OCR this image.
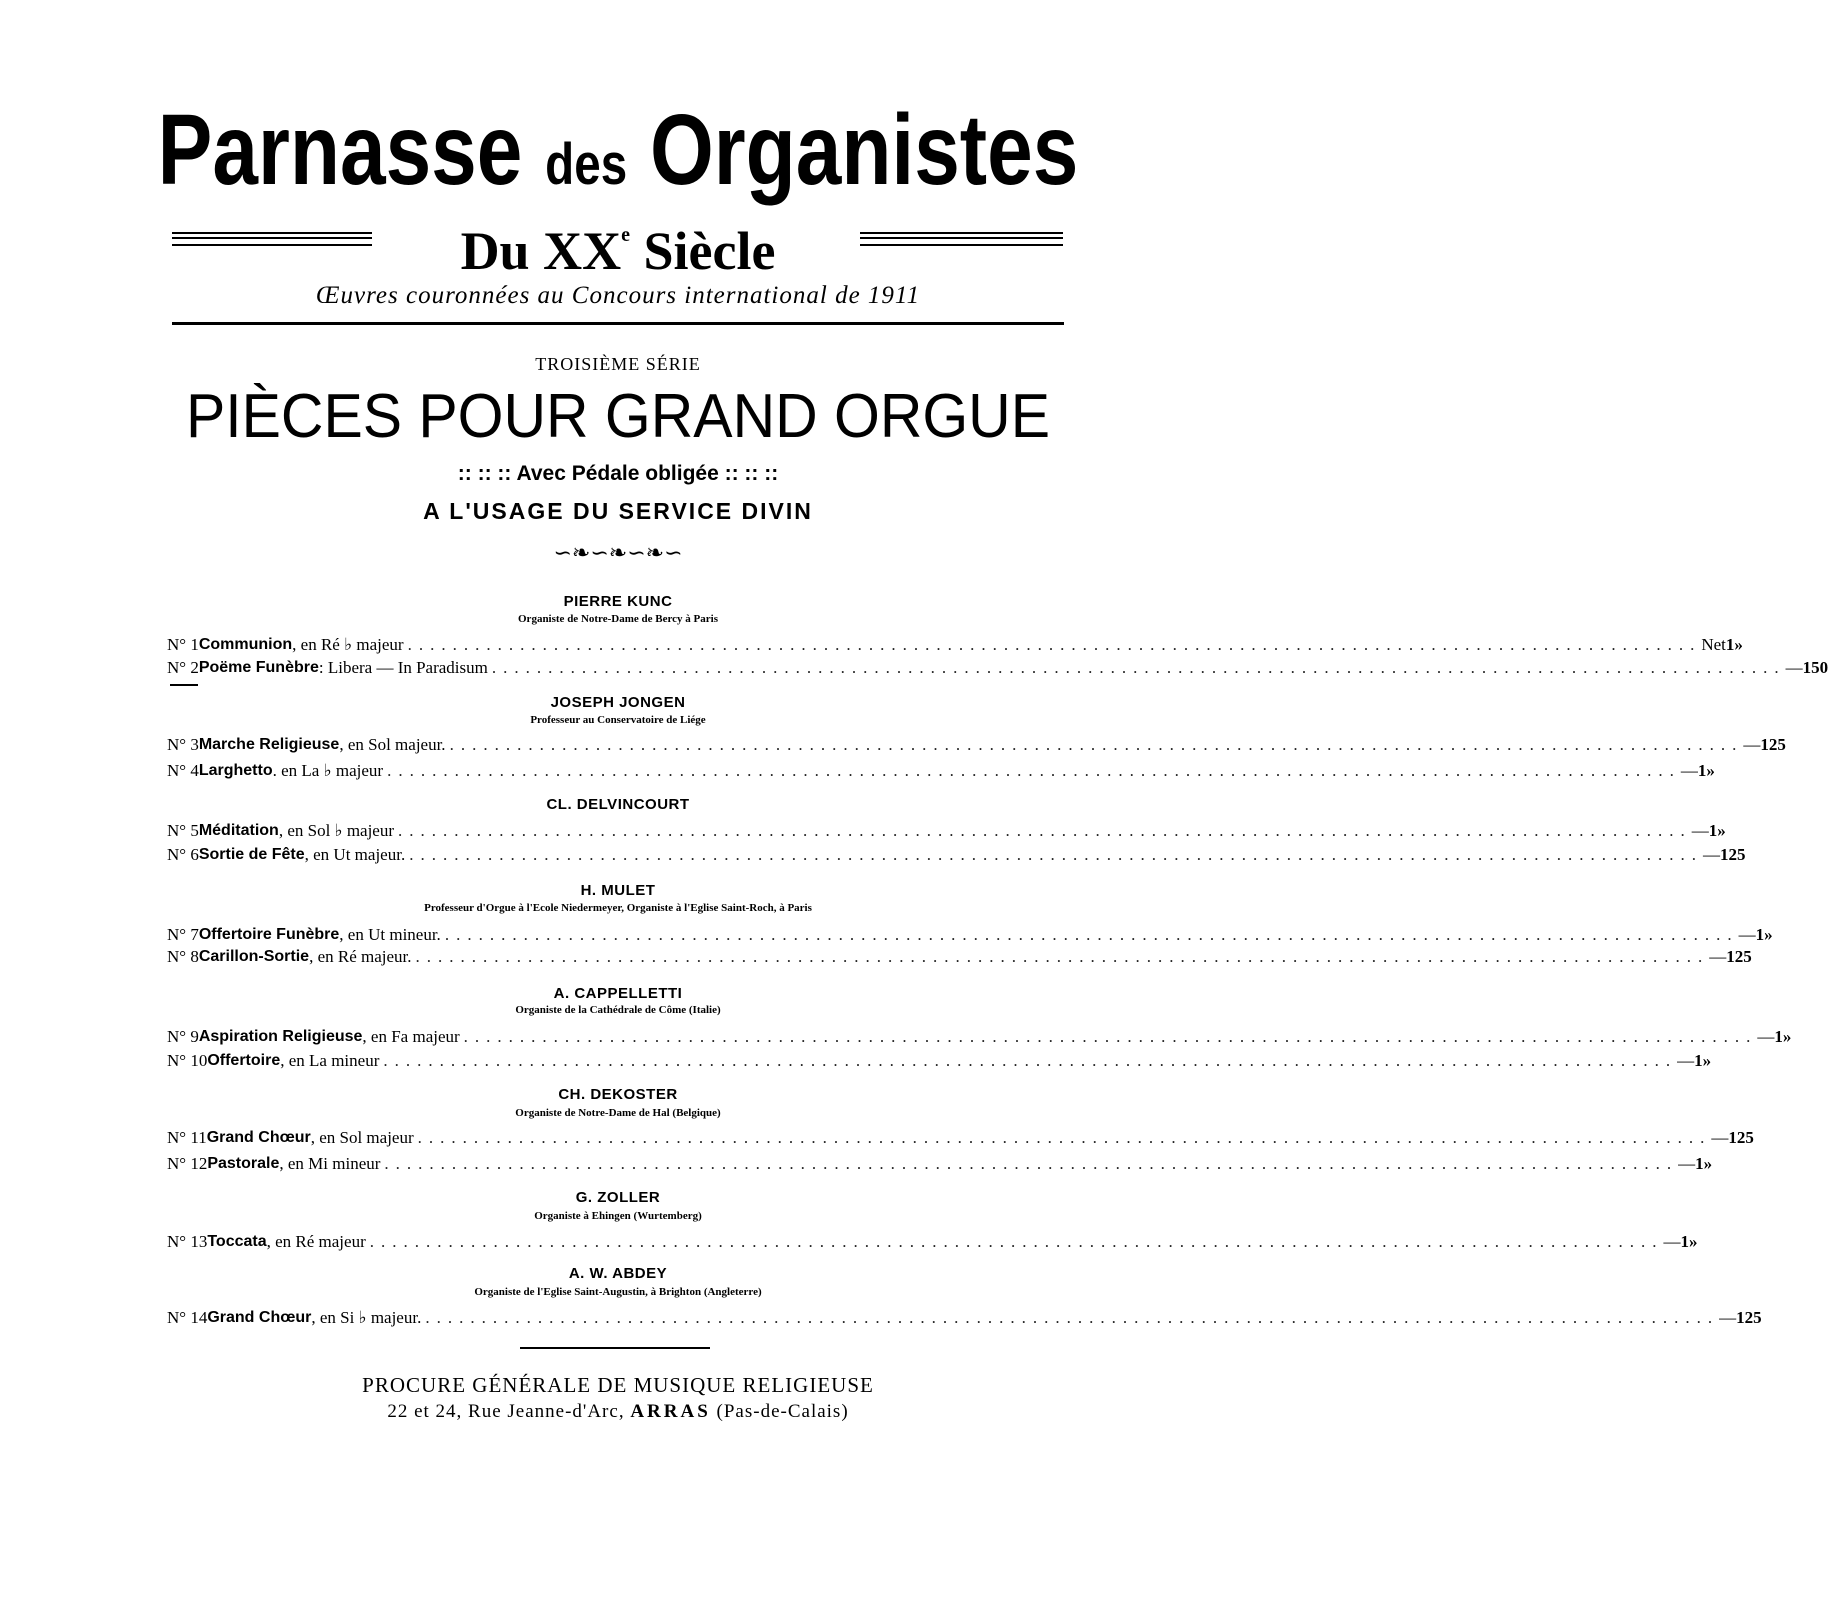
Parnasse des Organistes
Du XXe Siècle
Œuvres couronnées au Concours international de 1911
TROISIÈME SÉRIE
PIÈCES POUR GRAND ORGUE
:: :: :: Avec Pédale obligée :: :: ::
A L'USAGE DU SERVICE DIVIN
∽❧∽❧∽❧∽
PIERRE KUNC
Organiste de Notre-Dame de Bercy à Paris
N° 1 Communion , en Ré ♭ majeur ................................................................................................................... Net 1 »
N° 2 Poëme Funèbre : Libera — In Paradisum ................................................................................................................... — 1 50
JOSEPH JONGEN
Professeur au Conservatoire de Liége
N° 3 Marche Religieuse , en Sol majeur. ................................................................................................................... — 1 25
N° 4 Larghetto . en La ♭ majeur ................................................................................................................... — 1 »
CL. DELVINCOURT
N° 5 Méditation , en Sol ♭ majeur ................................................................................................................... — 1 »
N° 6 Sortie de Fête , en Ut majeur. ................................................................................................................... — 1 25
H. MULET
Professeur d'Orgue à l'Ecole Niedermeyer, Organiste à l'Eglise Saint-Roch, à Paris
N° 7 Offertoire Funèbre , en Ut mineur. ................................................................................................................... — 1 »
N° 8 Carillon-Sortie , en Ré majeur. ................................................................................................................... — 1 25
A. CAPPELLETTI
Organiste de la Cathédrale de Côme (Italie)
N° 9 Aspiration Religieuse , en Fa majeur ................................................................................................................... — 1 »
N° 10 Offertoire , en La mineur ................................................................................................................... — 1 »
CH. DEKOSTER
Organiste de Notre-Dame de Hal (Belgique)
N° 11 Grand Chœur , en Sol majeur ................................................................................................................... — 1 25
N° 12 Pastorale , en Mi mineur ................................................................................................................... — 1 »
G. ZOLLER
Organiste à Ehingen (Wurtemberg)
N° 13 Toccata , en Ré majeur ................................................................................................................... — 1 »
A. W. ABDEY
Organiste de l'Eglise Saint-Augustin, à Brighton (Angleterre)
N° 14 Grand Chœur , en Si ♭ majeur. ................................................................................................................... — 1 25
PROCURE GÉNÉRALE DE MUSIQUE RELIGIEUSE
22 et 24, Rue Jeanne-d'Arc, ARRAS (Pas-de-Calais)
